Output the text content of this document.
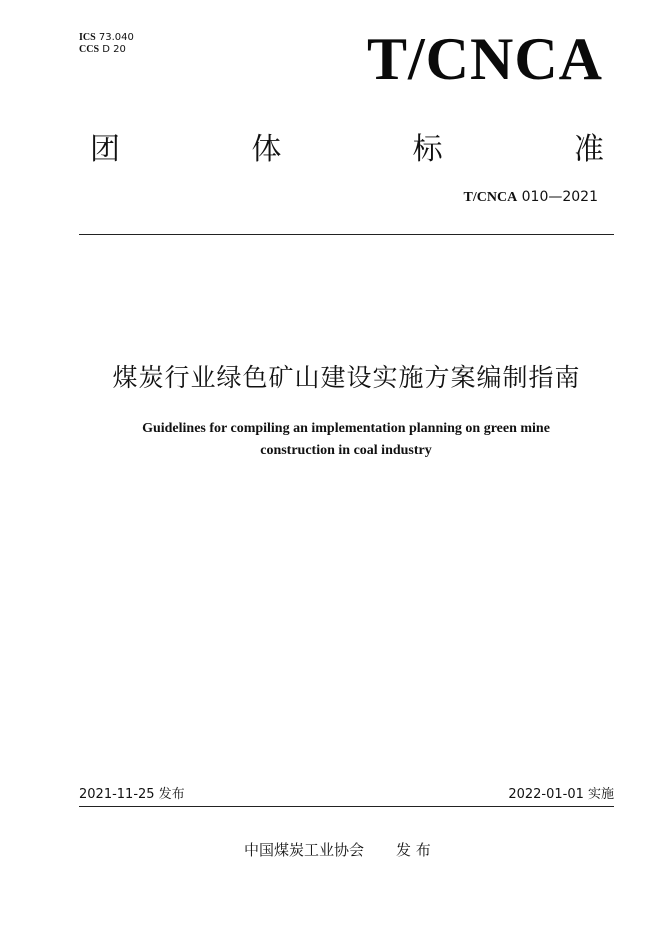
ICS 73.040
CCS D 20	T/CNCA
团	体	标	准
T/CNCA 010—2021
煤炭行业绿色矿山建设实施方案编制指南
Guidelines for compiling an implementation planning on green mine
construction in coal industry
2021-11-25 发布	2022-01-01 实施
中国煤炭工业协会 发 布
